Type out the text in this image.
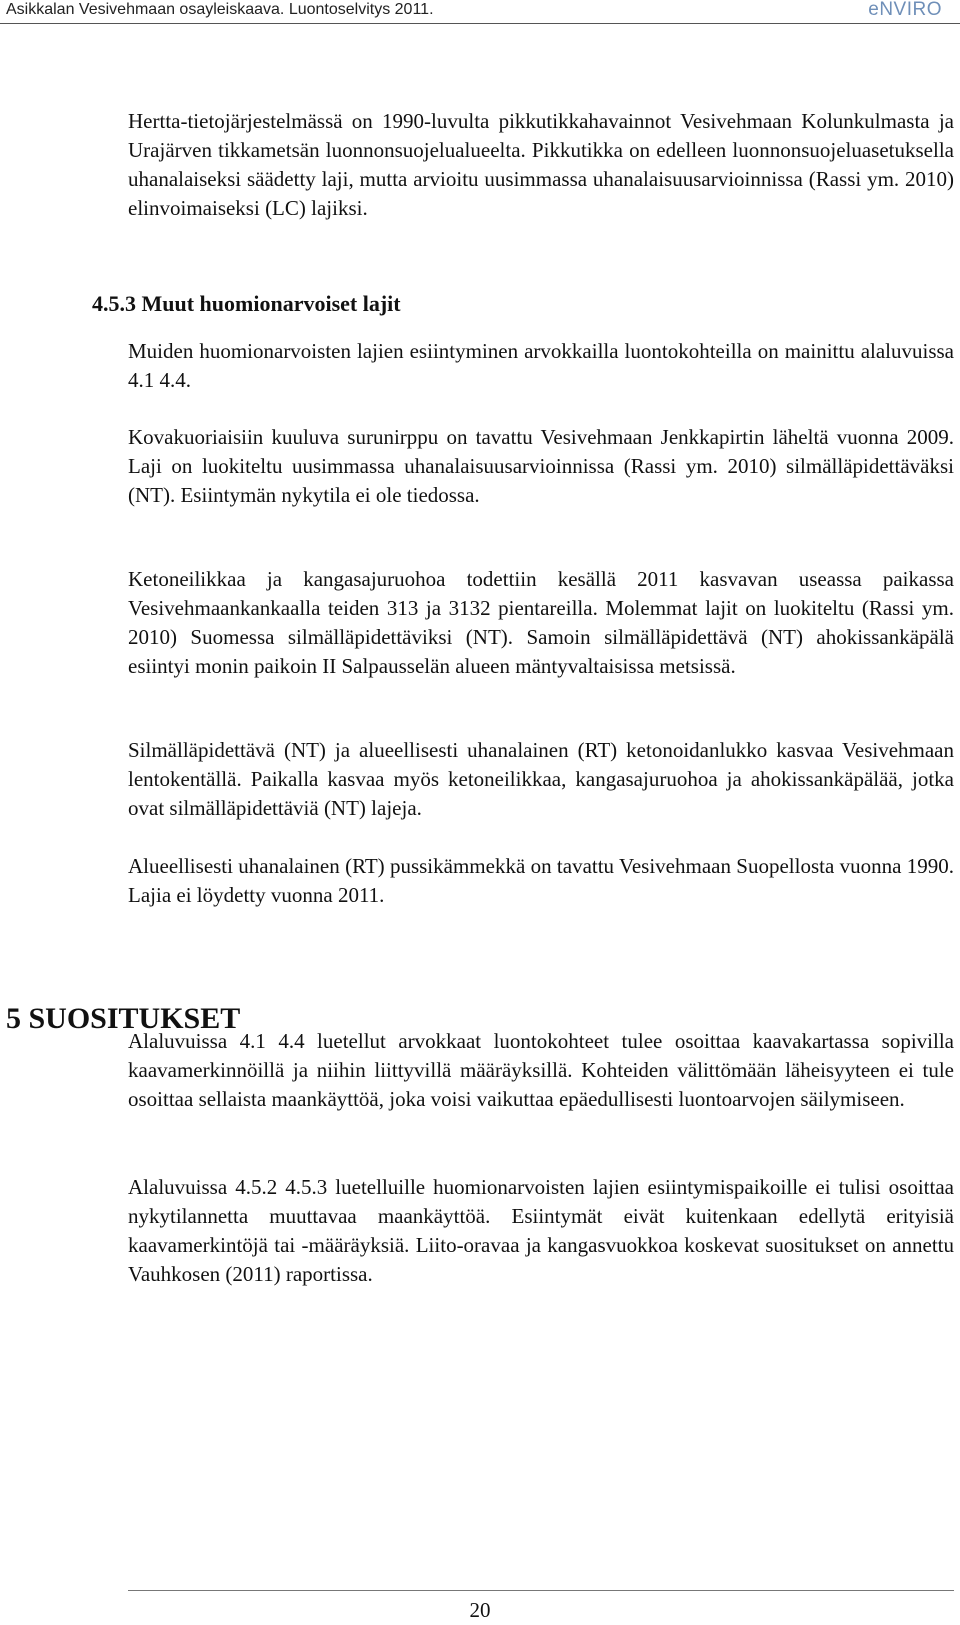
Asikkalan Vesivehmaan osayleiskaava. Luontoselvitys 2011.	eNVIRO

Hertta-tietojärjestelmässä on 1990-luvulta pikkutikkahavainnot Vesivehmaan Kolunkulmasta ja Urajärven tikkametsän luonnonsuojelualueelta. Pikkutikka on edelleen luonnonsuojeluasetuksella uhanalaiseksi säädetty laji, mutta arvioitu uusimmassa uhanalaisuusarvioinnissa (Rassi ym. 2010) elinvoimaiseksi (LC) lajiksi.

4.5.3 Muut huomionarvoiset lajit

Muiden huomionarvoisten lajien esiintyminen arvokkailla luontokohteilla on mainittu alaluvuissa 4.1 4.4.

Kovakuoriaisiin kuuluva surunirppu on tavattu Vesivehmaan Jenkkapirtin läheltä vuonna 2009. Laji on luokiteltu uusimmassa uhanalaisuusarvioinnissa (Rassi ym. 2010) silmälläpidettäväksi (NT). Esiintymän nykytila ei ole tiedossa.

Ketoneilikkaa ja kangasajuruohoa todettiin kesällä 2011 kasvavan useassa paikassa Vesivehmaankankaalla teiden 313 ja 3132 pientareilla. Molemmat lajit on luokiteltu (Rassi ym. 2010) Suomessa silmälläpidettäviksi (NT). Samoin silmälläpidettävä (NT) ahokissankäpälä esiintyi monin paikoin II Salpausselän alueen mäntyvaltaisissa metsissä.

Silmälläpidettävä (NT) ja alueellisesti uhanalainen (RT) ketonoidanlukko kasvaa Vesivehmaan lentokentällä. Paikalla kasvaa myös ketoneilikkaa, kangasajuruohoa ja ahokissankäpälää, jotka ovat silmälläpidettäviä (NT) lajeja.

Alueellisesti uhanalainen (RT) pussikämmekkä on tavattu Vesivehmaan Suopellosta vuonna 1990. Lajia ei löydetty vuonna 2011.

5 SUOSITUKSET

Alaluvuissa 4.1 4.4 luetellut arvokkaat luontokohteet tulee osoittaa kaavakartassa sopivilla kaavamerkinnöillä ja niihin liittyvillä määräyksillä. Kohteiden välittömään läheisyyteen ei tule osoittaa sellaista maankäyttöä, joka voisi vaikuttaa epäedullisesti luontoarvojen säilymiseen.

Alaluvuissa 4.5.2 4.5.3 luetelluille huomionarvoisten lajien esiintymispaikoille ei tulisi osoittaa nykytilannetta muuttavaa maankäyttöä. Esiintymät eivät kuitenkaan edellytä erityisiä kaavamerkintöjä tai -määräyksiä. Liito-oravaa ja kangasvuokkoa koskevat suositukset on annettu Vauhkosen (2011) raportissa.

20
